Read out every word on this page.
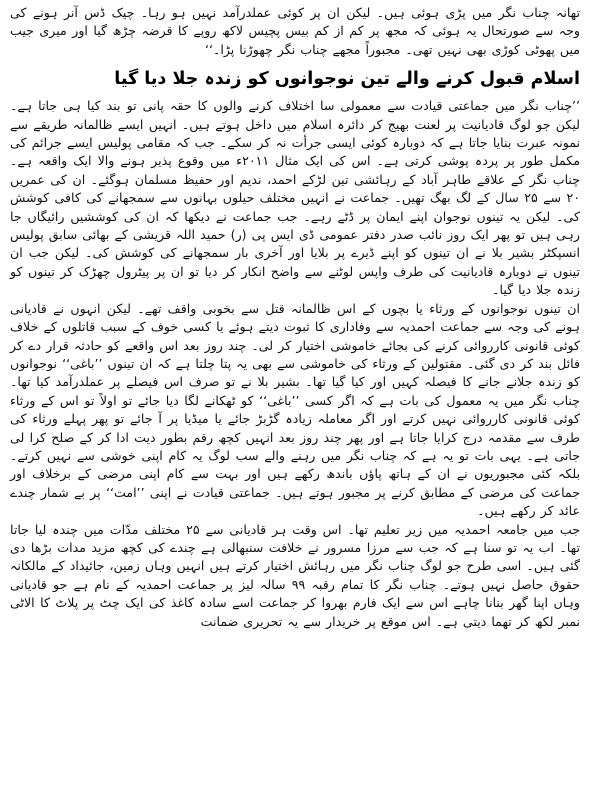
تھانہ چناب نگر میں پڑی ہوئی ہیں۔ لیکن ان پر کوئی عملدرآمد نہیں ہو رہا۔ چیک ڈس آنر ہونے کی وجہ سے صورتحال یہ ہوئی کہ مجھ پر کم از کم بیس پچیس لاکھ روپے کا قرضہ چڑھ گیا اور میری جیب میں پھوٹی کوڑی بھی نہیں تھی۔ مجبوراً مجھے چناب نگر چھوڑنا پڑا۔‘‘

اسلام قبول کرنے والے تین نوجوانوں کو زندہ جلا دیا گیا

’’چناب نگر میں جماعتی قیادت سے معمولی سا اختلاف کرنے والوں کا حقہ پانی تو بند کیا ہی جاتا ہے۔ لیکن جو لوگ قادیانیت پر لعنت بھیج کر دائرہ اسلام میں داخل ہوتے ہیں۔ انہیں ایسے ظالمانہ طریقے سے نمونہ عبرت بنایا جاتا ہے کہ دوبارہ کوئی ایسی جرأت نہ کر سکے۔ جب کہ مقامی پولیس ایسے جرائم کی مکمل طور پر پردہ پوشی کرتی ہے۔ اس کی ایک مثال ۲۰۱۱ء میں وقوع پذیر ہونے والا ایک واقعہ ہے۔ چناب نگر کے علاقے طاہر آباد کے رہائشی تین لڑکے احمد، ندیم اور حفیظ مسلمان ہوگئے۔ ان کی عمریں ۲۰ سے ۲۵ سال کے لگ بھگ تھیں۔ جماعت نے انہیں مختلف حیلوں بہانوں سے سمجھانے کی کافی کوشش کی۔ لیکن یہ تینوں نوجوان اپنے ایمان پر ڈٹے رہے۔ جب جماعت نے دیکھا کہ ان کی کوششیں رائیگاں جا رہی ہیں تو پھر ایک روز نائب صدر دفتر عمومی ڈی ایس پی (ر) حمید اللہ قریشی کے بھائی سابق پولیس انسپکٹر بشیر بلا نے ان تینوں کو اپنے ڈیرے پر بلایا اور آخری بار سمجھانے کی کوشش کی۔ لیکن جب ان تینوں نے دوبارہ قادیانیت کی طرف واپس لوٹنے سے واضح انکار کر دیا تو ان پر پیٹرول چھڑک کر تینوں کو زندہ جلا دیا گیا۔

ان تینوں نوجوانوں کے ورثاء یا بچوں کے اس ظالمانہ قتل سے بخوبی واقف تھے۔ لیکن انہوں نے قادیانی ہونے کی وجہ سے جماعت احمدیہ سے وفاداری کا ثبوت دیتے ہوئے یا کسی خوف کے سبب قاتلوں کے خلاف کوئی قانونی کارروائی کرنے کی بجائے خاموشی اختیار کر لی۔ چند روز بعد اس واقعے کو حادثہ قرار دے کر فائل بند کر دی گئی۔ مقتولین کے ورثاء کی خاموشی سے بھی یہ پتا چلتا ہے کہ ان تینوں ’’باغی‘‘ نوجوانوں کو زندہ جلانے جانے کا فیصلہ کہیں اور کیا گیا تھا۔ بشیر بلا نے تو صرف اس فیصلے پر عملدرآمد کیا تھا۔ چناب نگر میں یہ معمول کی بات ہے کہ اگر کسی ’’باغی‘‘ کو ٹھکانے لگا دیا جائے تو اولاً تو اس کے ورثاء کوئی قانونی کارروائی نہیں کرتے اور اگر معاملہ زیادہ گڑبڑ جائے یا میڈیا پر آ جائے تو پھر پہلے ورثاء کی طرف سے مقدمہ درج کرایا جاتا ہے اور پھر چند روز بعد انہیں کچھ رقم بطور دیت ادا کر کے صلح کرا لی جاتی ہے۔ یہی بات تو یہ ہے کہ چناب نگر میں رہنے والے سب لوگ یہ کام اپنی خوشی سے نہیں کرتے۔ بلکہ کئی مجبوریوں نے ان کے ہاتھ پاؤں باندھ رکھے ہیں اور بہت سے کام اپنی مرضی کے برخلاف اور جماعت کی مرضی کے مطابق کرنے پر مجبور ہوتے ہیں۔ جماعتی قیادت نے اپنی ’’امت‘‘ پر بے شمار چندے عائد کر رکھے ہیں۔

جب میں جامعہ احمدیہ میں زیر تعلیم تھا۔ اس وقت ہر قادیانی سے ۲۵ مختلف مدّات میں چندہ لیا جاتا تھا۔ اب یہ تو سنا ہے کہ جب سے مرزا مسرور نے خلافت سنبھالی ہے چندے کی کچھ مزید مدات بڑھا دی گئی ہیں۔ اسی طرح جو لوگ چناب نگر میں رہائش اختیار کرتے ہیں انہیں وہاں زمین، جائیداد کے مالکانہ حقوق حاصل نہیں ہوتے۔ چناب نگر کا تمام رقبہ ۹۹ سالہ لیز پر جماعت احمدیہ کے نام ہے جو قادیانی وہاں اپنا گھر بنانا چاہے اس سے ایک فارم بھروا کر جماعت اسے سادہ کاغذ کی ایک چٹ پر پلاٹ کا الاٹی نمبر لکھ کر تھما دیتی ہے۔ اس موقع پر خریدار سے یہ تحریری ضمانت
